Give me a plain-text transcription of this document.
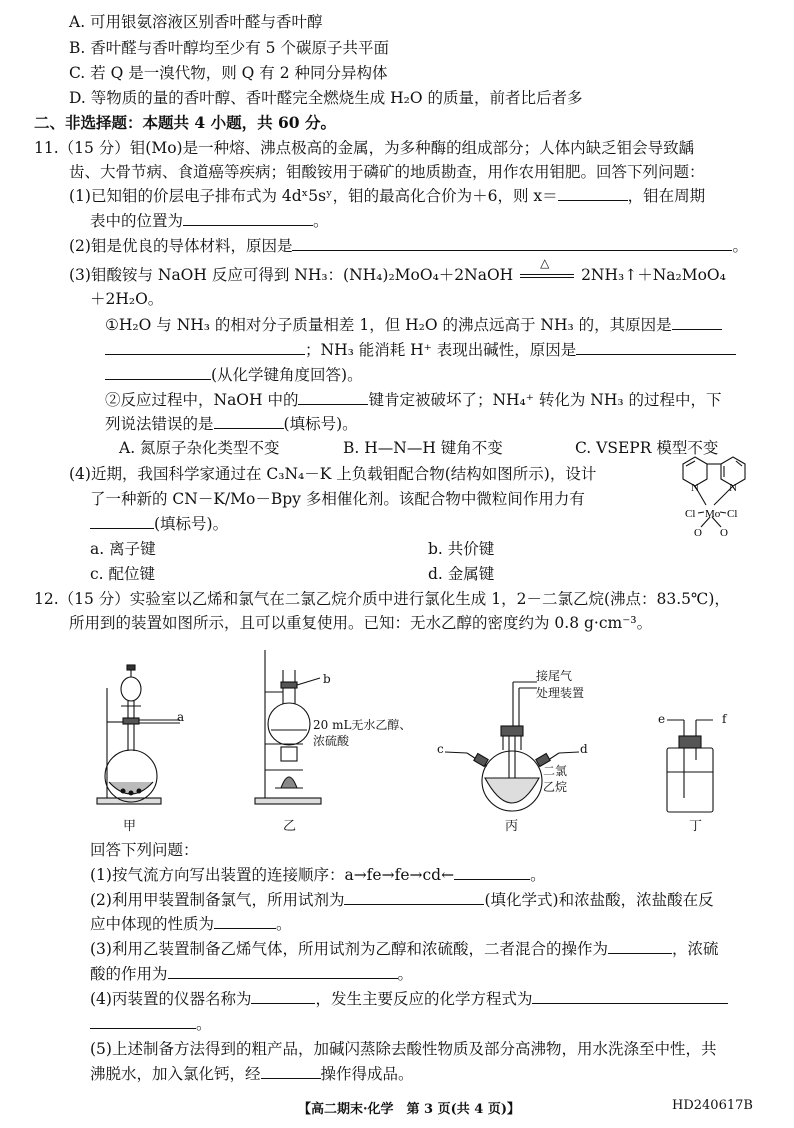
A. 可用银氨溶液区别香叶醛与香叶醇
B. 香叶醛与香叶醇均至少有 5 个碳原子共平面
C. 若 Q 是一溴代物，则 Q 有 2 种同分异构体
D. 等物质的量的香叶醇、香叶醛完全燃烧生成 H₂O 的质量，前者比后者多
二、非选择题：本题共 4 小题，共 60 分。
11.（15 分）钼(Mo)是一种熔、沸点极高的金属，为多种酶的组成部分；人体内缺乏钼会导致龋
齿、大骨节病、食道癌等疾病；钼酸铵用于磷矿的地质勘查，用作农用钼肥。回答下列问题：
(1)已知钼的价层电子排布式为 4dˣ5sʸ，钼的最高化合价为＋6，则 x＝	，钼在周期
表中的位置为	。
(2)钼是优良的导体材料，原因是	。
(3)钼酸铵与 NaOH 反应可得到 NH₃：(NH₄)₂MoO₄＋2NaOH
△
2NH₃↑＋Na₂MoO₄
＋2H₂O。
①H₂O 与 NH₃ 的相对分子质量相差 1，但 H₂O 的沸点远高于 NH₃ 的，其原因是
；NH₃ 能消耗 H⁺ 表现出碱性，原因是
(从化学键角度回答)。
②反应过程中，NaOH 中的	键肯定被破坏了；NH₄⁺ 转化为 NH₃ 的过程中，下
列说法错误的是	(填标号)。
A. 氮原子杂化类型不变	B. H—N—H 键角不变	C. VSEPR 模型不变
(4)近期，我国科学家通过在 C₃N₄－K 上负载钼配合物(结构如图所示)，设计
了一种新的 CN－K/Mo－Bpy 多相催化剂。该配合物中微粒间作用力有
(填标号)。
a. 离子键	b. 共价键
c. 配位键	d. 金属键
N	N
Cl Mo Cl
O O
12.（15 分）实验室以乙烯和氯气在二氯乙烷介质中进行氯化生成 1，2－二氯乙烷(沸点：83.5℃)，
所用到的装置如图所示，且可以重复使用。已知：无水乙醇的密度约为 0.8 g·cm⁻³。
a
b
20 mL无水乙醇、
浓硫酸
接尾气
处理装置
c	d
二氯
乙烷
e	f
甲	乙	丙	丁
回答下列问题：
(1)按气流方向写出装置的连接顺序：a→fe→fe→cd←	。
(2)利用甲装置制备氯气，所用试剂为	(填化学式)和浓盐酸，浓盐酸在反
应中体现的性质为	。
(3)利用乙装置制备乙烯气体，所用试剂为乙醇和浓硫酸，二者混合的操作为	，浓硫
酸的作用为	。
(4)丙装置的仪器名称为	，发生主要反应的化学方程式为
。
(5)上述制备方法得到的粗产品，加碱闪蒸除去酸性物质及部分高沸物，用水洗涤至中性，共
沸脱水，加入氯化钙，经	操作得成品。
【高二期末·化学　第 3 页(共 4 页)】	HD240617B
